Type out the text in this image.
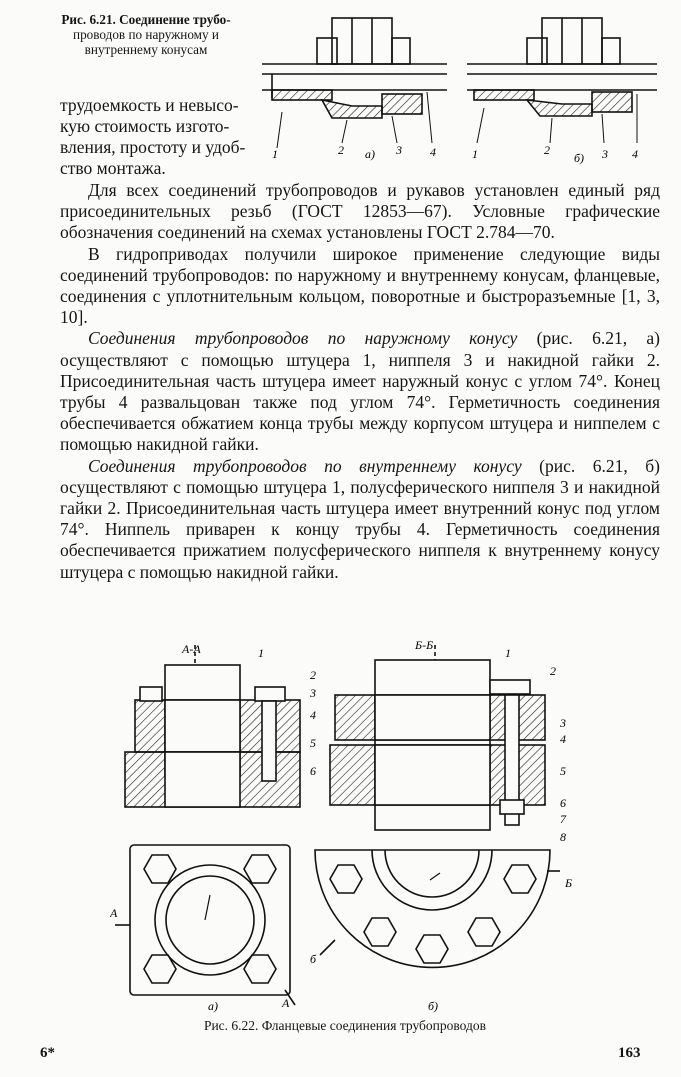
Рис. 6.21. Соединение трубо-
проводов по наружному и
внутреннему конусам
1	2	3 4
а)	1	2	3 4
б)
трудоемкость и невысо-
кую стоимость изгото-
вления, простоту и удоб-
ство монтажа.

Для всех соединений трубопроводов и рукавов установлен единый ряд присоединительных резьб (ГОСТ 12853—67). Условные графические обозначения соединений на схемах установлены ГОСТ 2.784—70.

В гидроприводах получили широкое применение следующие виды соединений трубопроводов: по наружному и внутреннему конусам, фланцевые, соединения с уплотнительным кольцом, поворотные и быстроразъемные [1, 3, 10].

Соединения трубопроводов по наружному конусу (рис. 6.21, а) осуществляют с помощью штуцера 1, ниппеля 3 и накидной гайки 2. Присоединительная часть штуцера имеет наружный конус с углом 74°. Конец трубы 4 развальцован также под углом 74°. Герметичность соединения обеспечивается обжатием конца трубы между корпусом штуцера и ниппелем с помощью накидной гайки.

Соединения трубопроводов по внутреннему конусу (рис. 6.21, б) осуществляют с помощью штуцера 1, полусферического ниппеля 3 и накидной гайки 2. Присоединительная часть штуцера имеет внутренний конус под углом 74°. Ниппель приварен к концу трубы 4. Герметичность соединения обеспечивается прижатием полусферического ниппеля к внутреннему конусу штуцера с помощью накидной гайки.

А-А	1
2
3
4
5
6
А
А
Б-Б
1
2
3
4
5
6
7
8
Б
б
а)	б)
Рис. 6.22. Фланцевые соединения трубопроводов
6*	163
